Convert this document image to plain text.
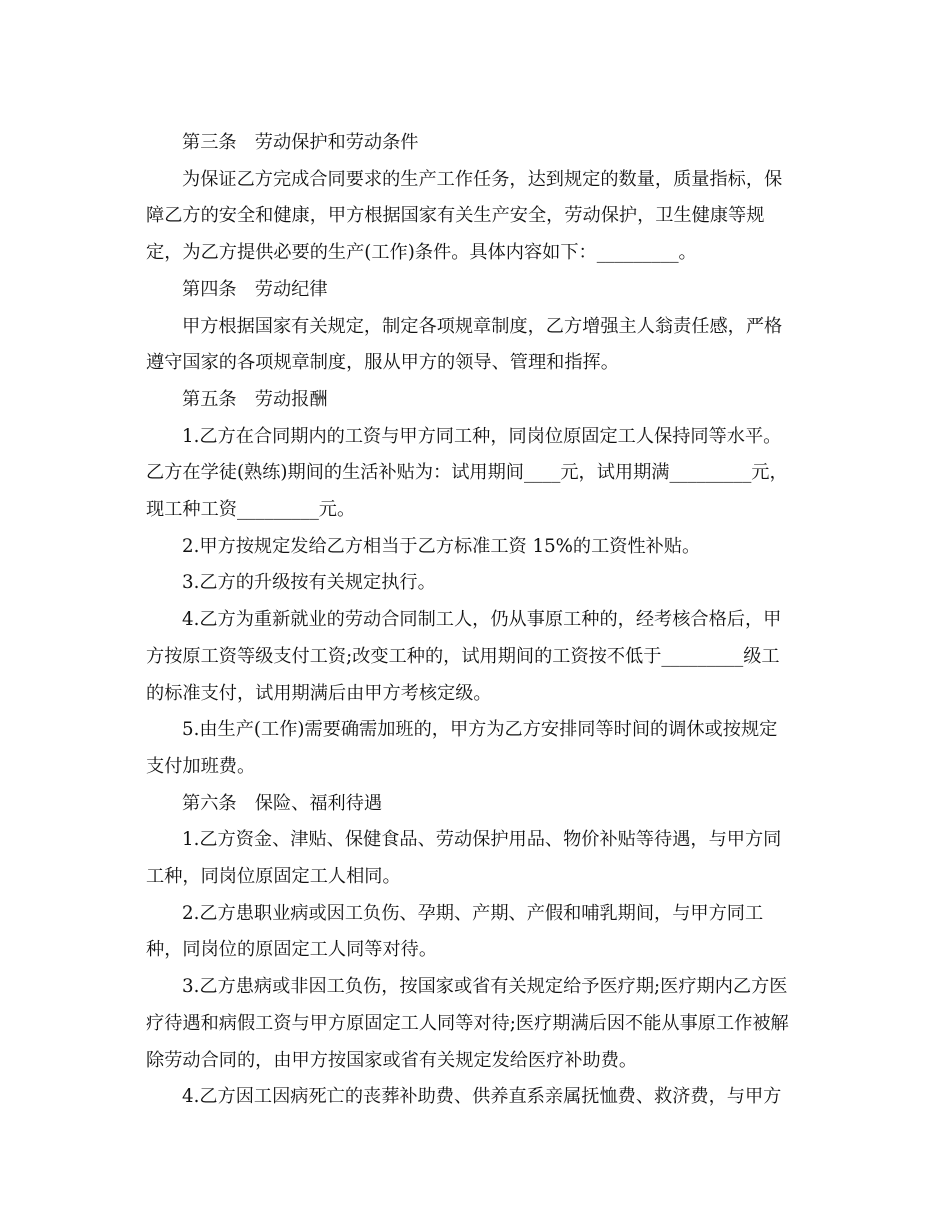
第三条　劳动保护和劳动条件
为保证乙方完成合同要求的生产工作任务，达到规定的数量，质量指标，保
障乙方的安全和健康，甲方根据国家有关生产安全，劳动保护，卫生健康等规
定，为乙方提供必要的生产(工作)条件。具体内容如下：_________。
第四条　劳动纪律
甲方根据国家有关规定，制定各项规章制度，乙方增强主人翁责任感，严格
遵守国家的各项规章制度，服从甲方的领导、管理和指挥。
第五条　劳动报酬
1.乙方在合同期内的工资与甲方同工种，同岗位原固定工人保持同等水平。
乙方在学徒(熟练)期间的生活补贴为：试用期间____元，试用期满_________元，
现工种工资_________元。
2.甲方按规定发给乙方相当于乙方标准工资 15%的工资性补贴。
3.乙方的升级按有关规定执行。
4.乙方为重新就业的劳动合同制工人，仍从事原工种的，经考核合格后，甲
方按原工资等级支付工资;改变工种的，试用期间的工资按不低于_________级工
的标准支付，试用期满后由甲方考核定级。
5.由生产(工作)需要确需加班的，甲方为乙方安排同等时间的调休或按规定
支付加班费。
第六条　保险、福利待遇
1.乙方资金、津贴、保健食品、劳动保护用品、物价补贴等待遇，与甲方同
工种，同岗位原固定工人相同。
2.乙方患职业病或因工负伤、孕期、产期、产假和哺乳期间，与甲方同工
种，同岗位的原固定工人同等对待。
3.乙方患病或非因工负伤，按国家或省有关规定给予医疗期;医疗期内乙方医
疗待遇和病假工资与甲方原固定工人同等对待;医疗期满后因不能从事原工作被解
除劳动合同的，由甲方按国家或省有关规定发给医疗补助费。
4.乙方因工因病死亡的丧葬补助费、供养直系亲属抚恤费、救济费，与甲方
